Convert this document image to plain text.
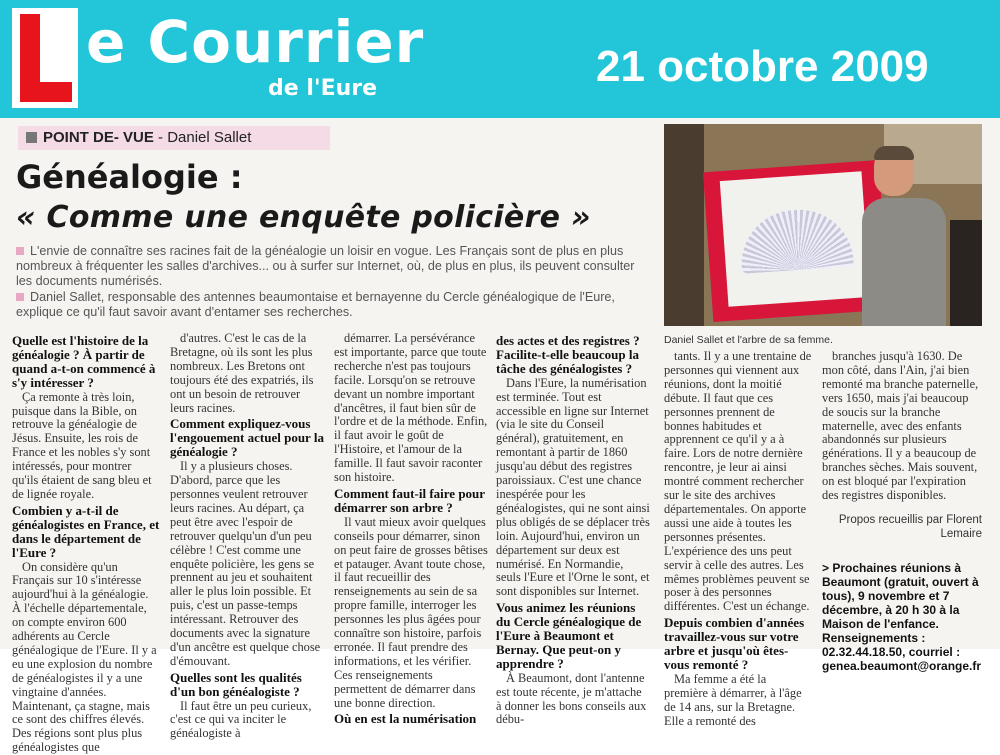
e Courrier
de l'Eure	21 octobre 2009
POINT DE- VUE - Daniel Sallet
Généalogie :
« Comme une enquête policière »
L'envie de connaître ses racines fait de la généalogie un loisir en vogue. Les Français sont de plus en plus nombreux à fréquenter les salles d'archives... ou à surfer sur Internet, où, de plus en plus, ils peuvent consulter les documents numérisés.
Daniel Sallet, responsable des antennes beaumontaise et bernayenne du Cercle généalogique de l'Eure, explique ce qu'il faut savoir avant d'entamer ses recherches.
Daniel Sallet et l'arbre de sa femme.
Quelle est l'histoire de la généalogie ? À partir de quand a-t-on commencé à s'y intéresser ?

Ça remonte à très loin, puisque dans la Bible, on retrouve la généalogie de Jésus. Ensuite, les rois de France et les nobles s'y sont intéressés, pour montrer qu'ils étaient de sang bleu et de lignée royale.

Combien y a-t-il de généalogistes en France, et dans le département de l'Eure ?

On considère qu'un Français sur 10 s'intéresse aujourd'hui à la généalogie. À l'échelle départementale, on compte environ 600 adhérents au Cercle généalogique de l'Eure. Il y a eu une explosion du nombre de généalogistes il y a une vingtaine d'années. Maintenant, ça stagne, mais ce sont des chiffres élevés. Des régions sont plus plus généalogistes que

d'autres. C'est le cas de la Bretagne, où ils sont les plus nombreux. Les Bretons ont toujours été des expatriés, ils ont un besoin de retrouver leurs racines.

Comment expliquez-vous l'engouement actuel pour la généalogie ?

Il y a plusieurs choses. D'abord, parce que les personnes veulent retrouver leurs racines. Au départ, ça peut être avec l'espoir de retrouver quelqu'un d'un peu célèbre ! C'est comme une enquête policière, les gens se prennent au jeu et souhaitent aller le plus loin possible. Et puis, c'est un passe-temps intéressant. Retrouver des documents avec la signature d'un ancêtre est quelque chose d'émouvant.

Quelles sont les qualités d'un bon généalogiste ?

Il faut être un peu curieux, c'est ce qui va inciter le généalogiste à

démarrer. La persévérance est importante, parce que toute recherche n'est pas toujours facile. Lorsqu'on se retrouve devant un nombre important d'ancêtres, il faut bien sûr de l'ordre et de la méthode. Enfin, il faut avoir le goût de l'Histoire, et l'amour de la famille. Il faut savoir raconter son histoire.

Comment faut-il faire pour démarrer son arbre ?

Il vaut mieux avoir quelques conseils pour démarrer, sinon on peut faire de grosses bêtises et patauger. Avant toute chose, il faut recueillir des renseignements au sein de sa propre famille, interroger les personnes les plus âgées pour connaître son histoire, parfois erronée. Il faut prendre des informations, et les vérifier. Ces renseignements permettent de démarrer dans une bonne direction.

Où en est la numérisation
des actes et des registres ? Facilite-t-elle beaucoup la tâche des généalogistes ?

Dans l'Eure, la numérisation est terminée. Tout est accessible en ligne sur Internet (via le site du Conseil général), gratuitement, en remontant à partir de 1860 jusqu'au début des registres paroissiaux. C'est une chance inespérée pour les généalogistes, qui ne sont ainsi plus obligés de se déplacer très loin. Aujourd'hui, environ un département sur deux est numérisé. En Normandie, seuls l'Eure et l'Orne le sont, et sont disponibles sur Internet.

Vous animez les réunions du Cercle généalogique de l'Eure à Beaumont et Bernay. Que peut-on y apprendre ?

À Beaumont, dont l'antenne est toute récente, je m'attache à donner les bons conseils aux débu-

tants. Il y a une trentaine de personnes qui viennent aux réunions, dont la moitié débute. Il faut que ces personnes prennent de bonnes habitudes et apprennent ce qu'il y a à faire. Lors de notre dernière rencontre, je leur ai ainsi montré comment rechercher sur le site des archives départementales. On apporte aussi une aide à toutes les personnes présentes. L'expérience des uns peut servir à celle des autres. Les mêmes problèmes peuvent se poser à des personnes différentes. C'est un échange.

Depuis combien d'années travaillez-vous sur votre arbre et jusqu'où êtes-vous remonté ?

Ma femme a été la première à démarrer, à l'âge de 14 ans, sur la Bretagne. Elle a remonté des

branches jusqu'à 1630. De mon côté, dans l'Ain, j'ai bien remonté ma branche paternelle, vers 1650, mais j'ai beaucoup de soucis sur la branche maternelle, avec des enfants abandonnés sur plusieurs générations. Il y a beaucoup de branches sèches. Mais souvent, on est bloqué par l'expiration des registres disponibles.

Propos recueillis par Florent Lemaire
> Prochaines réunions à Beaumont (gratuit, ouvert à tous), 9 novembre et 7 décembre, à 20 h 30 à la Maison de l'enfance. Renseignements : 02.32.44.18.50, courriel : genea.beaumont@orange.fr
